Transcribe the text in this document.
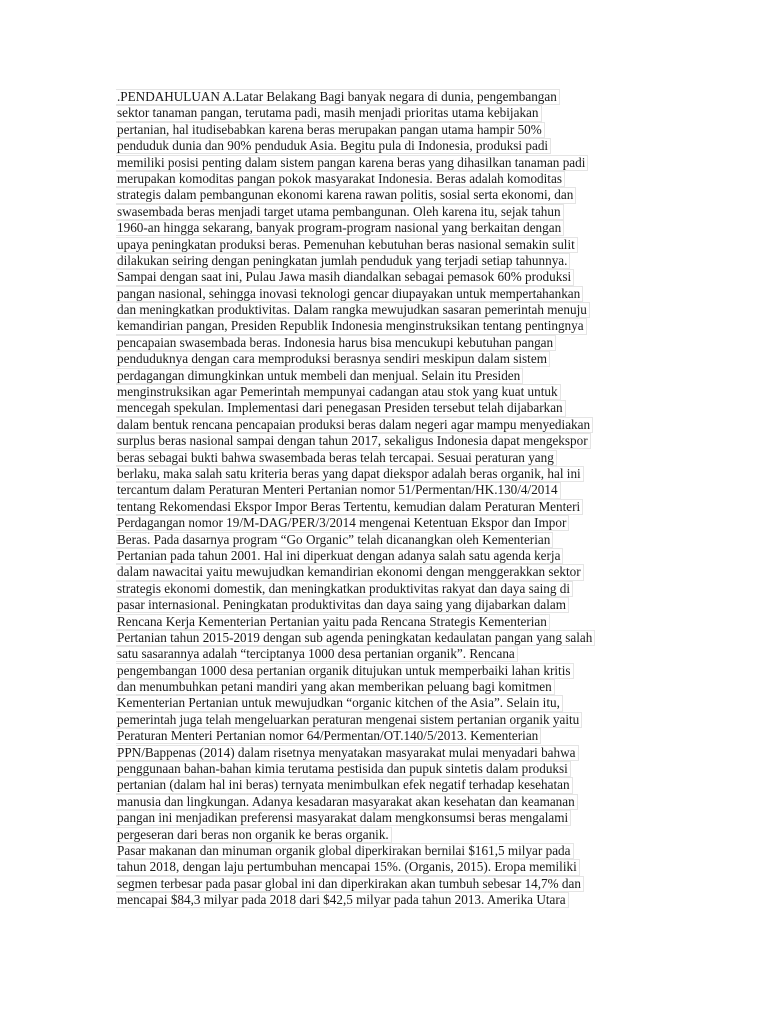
.PENDAHULUAN A.Latar Belakang Bagi banyak negara di dunia, pengembangan
sektor tanaman pangan, terutama padi, masih menjadi prioritas utama kebijakan
pertanian, hal itudisebabkan karena beras merupakan pangan utama hampir 50%
penduduk dunia dan 90% penduduk Asia. Begitu pula di Indonesia, produksi padi
memiliki posisi penting dalam sistem pangan karena beras yang dihasilkan tanaman padi
merupakan komoditas pangan pokok masyarakat Indonesia. Beras adalah komoditas
strategis dalam pembangunan ekonomi karena rawan politis, sosial serta ekonomi, dan
swasembada beras menjadi target utama pembangunan. Oleh karena itu, sejak tahun
1960-an hingga sekarang, banyak program-program nasional yang berkaitan dengan
upaya peningkatan produksi beras. Pemenuhan kebutuhan beras nasional semakin sulit
dilakukan seiring dengan peningkatan jumlah penduduk yang terjadi setiap tahunnya.
Sampai dengan saat ini, Pulau Jawa masih diandalkan sebagai pemasok 60% produksi
pangan nasional, sehingga inovasi teknologi gencar diupayakan untuk mempertahankan
dan meningkatkan produktivitas. Dalam rangka mewujudkan sasaran pemerintah menuju
kemandirian pangan, Presiden Republik Indonesia menginstruksikan tentang pentingnya
pencapaian swasembada beras. Indonesia harus bisa mencukupi kebutuhan pangan
penduduknya dengan cara memproduksi berasnya sendiri meskipun dalam sistem
perdagangan dimungkinkan untuk membeli dan menjual. Selain itu Presiden
menginstruksikan agar Pemerintah mempunyai cadangan atau stok yang kuat untuk
mencegah spekulan. Implementasi dari penegasan Presiden tersebut telah dijabarkan
dalam bentuk rencana pencapaian produksi beras dalam negeri agar mampu menyediakan
surplus beras nasional sampai dengan tahun 2017, sekaligus Indonesia dapat mengekspor
beras sebagai bukti bahwa swasembada beras telah tercapai. Sesuai peraturan yang
berlaku, maka salah satu kriteria beras yang dapat diekspor adalah beras organik, hal ini
tercantum dalam Peraturan Menteri Pertanian nomor 51/Permentan/HK.130/4/2014
tentang Rekomendasi Ekspor Impor Beras Tertentu, kemudian dalam Peraturan Menteri
Perdagangan nomor 19/M-DAG/PER/3/2014 mengenai Ketentuan Ekspor dan Impor
Beras. Pada dasarnya program “Go Organic” telah dicanangkan oleh Kementerian
Pertanian pada tahun 2001. Hal ini diperkuat dengan adanya salah satu agenda kerja
dalam nawacitai yaitu mewujudkan kemandirian ekonomi dengan menggerakkan sektor
strategis ekonomi domestik, dan meningkatkan produktivitas rakyat dan daya saing di
pasar internasional. Peningkatan produktivitas dan daya saing yang dijabarkan dalam
Rencana Kerja Kementerian Pertanian yaitu pada Rencana Strategis Kementerian
Pertanian tahun 2015-2019 dengan sub agenda peningkatan kedaulatan pangan yang salah
satu sasarannya adalah “terciptanya 1000 desa pertanian organik”. Rencana
pengembangan 1000 desa pertanian organik ditujukan untuk memperbaiki lahan kritis
dan menumbuhkan petani mandiri yang akan memberikan peluang bagi komitmen
Kementerian Pertanian untuk mewujudkan “organic kitchen of the Asia”. Selain itu,
pemerintah juga telah mengeluarkan peraturan mengenai sistem pertanian organik yaitu
Peraturan Menteri Pertanian nomor 64/Permentan/OT.140/5/2013. Kementerian
PPN/Bappenas (2014) dalam risetnya menyatakan masyarakat mulai menyadari bahwa
penggunaan bahan-bahan kimia terutama pestisida dan pupuk sintetis dalam produksi
pertanian (dalam hal ini beras) ternyata menimbulkan efek negatif terhadap kesehatan
manusia dan lingkungan. Adanya kesadaran masyarakat akan kesehatan dan keamanan
pangan ini menjadikan preferensi masyarakat dalam mengkonsumsi beras mengalami
pergeseran dari beras non organik ke beras organik.
Pasar makanan dan minuman organik global diperkirakan bernilai $161,5 milyar pada
tahun 2018, dengan laju pertumbuhan mencapai 15%. (Organis, 2015). Eropa memiliki
segmen terbesar pada pasar global ini dan diperkirakan akan tumbuh sebesar 14,7% dan
mencapai $84,3 milyar pada 2018 dari $42,5 milyar pada tahun 2013. Amerika Utara
